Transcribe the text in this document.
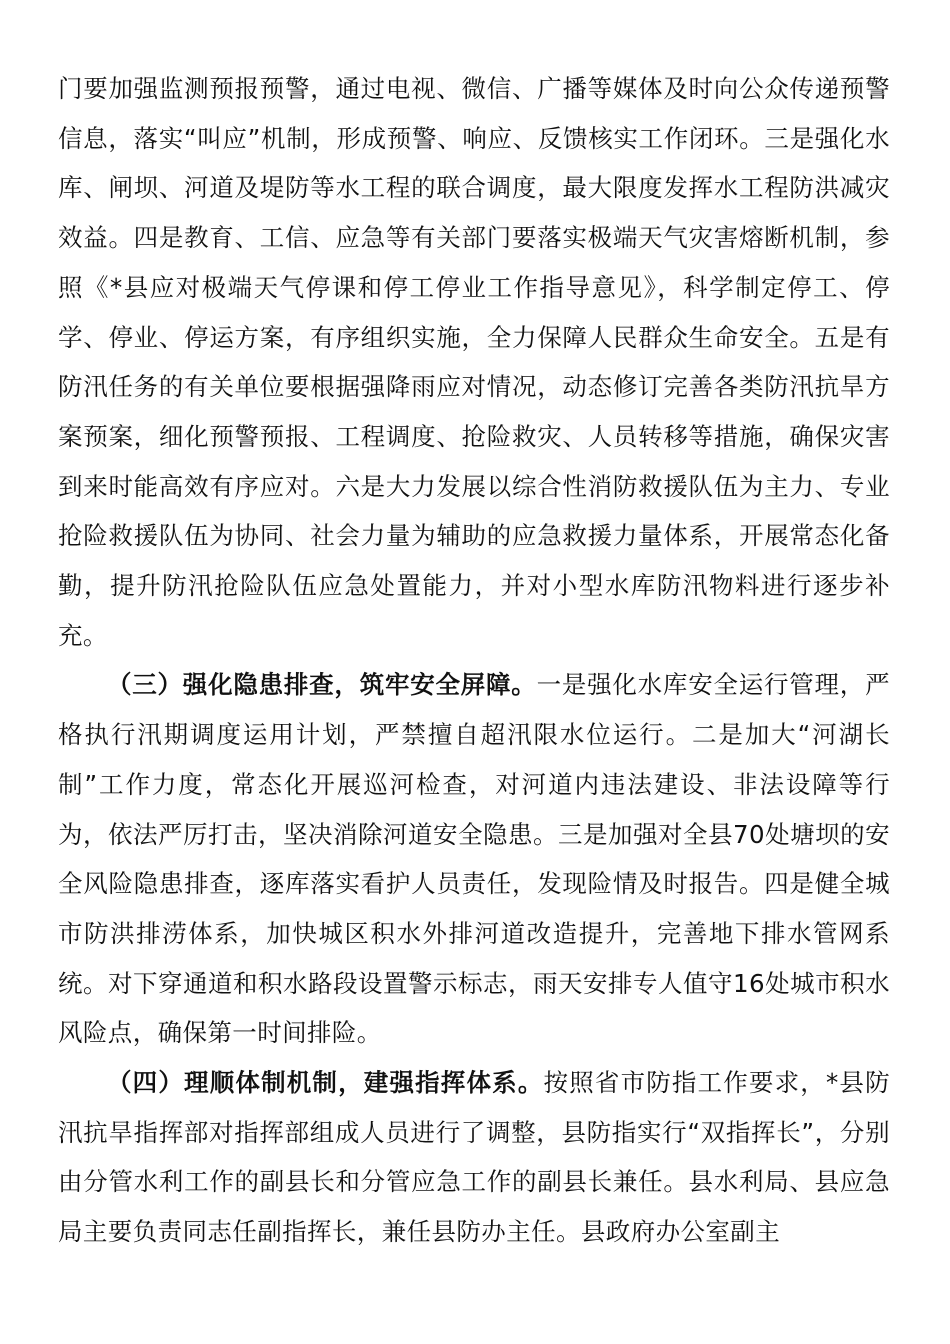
门要加强监测预报预警，通过电视、微信、广播等媒体及时向公众传递预警信息，落实“叫应”机制，形成预警、响应、反馈核实工作闭环。三是强化水库、闸坝、河道及堤防等水工程的联合调度，最大限度发挥水工程防洪减灾效益。四是教育、工信、应急等有关部门要落实极端天气灾害熔断机制，参照《*县应对极端天气停课和停工停业工作指导意见》，科学制定停工、停学、停业、停运方案，有序组织实施，全力保障人民群众生命安全。五是有防汛任务的有关单位要根据强降雨应对情况，动态修订完善各类防汛抗旱方案预案，细化预警预报、工程调度、抢险救灾、人员转移等措施，确保灾害到来时能高效有序应对。六是大力发展以综合性消防救援队伍为主力、专业抢险救援队伍为协同、社会力量为辅助的应急救援力量体系，开展常态化备勤，提升防汛抢险队伍应急处置能力，并对小型水库防汛物料进行逐步补充。

（三）强化隐患排查，筑牢安全屏障。一是强化水库安全运行管理，严格执行汛期调度运用计划，严禁擅自超汛限水位运行。二是加大“河湖长制”工作力度，常态化开展巡河检查，对河道内违法建设、非法设障等行为，依法严厉打击，坚决消除河道安全隐患。三是加强对全县70处塘坝的安全风险隐患排查，逐库落实看护人员责任，发现险情及时报告。四是健全城市防洪排涝体系，加快城区积水外排河道改造提升，完善地下排水管网系统。对下穿通道和积水路段设置警示标志，雨天安排专人值守16处城市积水风险点，确保第一时间排险。

（四）理顺体制机制，建强指挥体系。按照省市防指工作要求，*县防汛抗旱指挥部对指挥部组成人员进行了调整，县防指实行“双指挥长”，分别由分管水利工作的副县长和分管应急工作的副县长兼任。县水利局、县应急局主要负责同志任副指挥长，兼任县防办主任。县政府办公室副主
